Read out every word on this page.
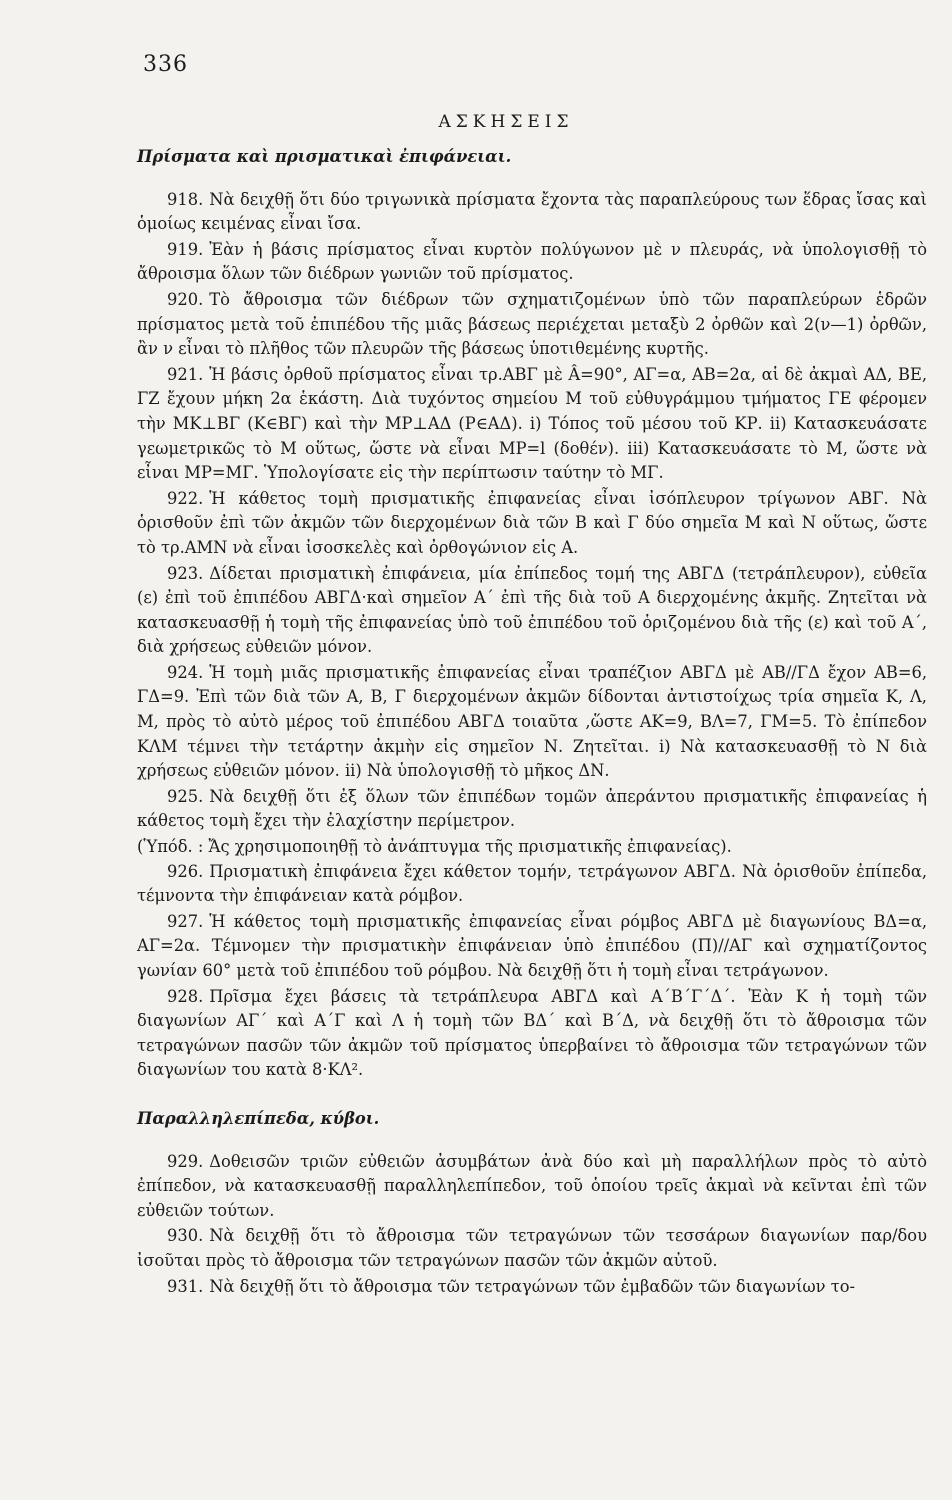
336
ΑΣΚΗΣΕΙΣ
Πρίσματα καὶ πρισματικαὶ ἐπιφάνειαι.

918. Νὰ δειχθῇ ὅτι δύο τριγωνικὰ πρίσματα ἔχοντα τὰς παραπλεύρους των ἕδρας ἴσας καὶ ὁμοίως κειμένας εἶναι ἴσα.

919. Ἐὰν ἡ βάσις πρίσματος εἶναι κυρτὸν πολύγωνον μὲ ν πλευράς, νὰ ὑπολογισθῇ τὸ ἄθροισμα ὅλων τῶν διέδρων γωνιῶν τοῦ πρίσματος.

920. Τὸ ἄθροισμα τῶν διέδρων τῶν σχηματιζομένων ὑπὸ τῶν παραπλεύρων ἑδρῶν πρίσματος μετὰ τοῦ ἐπιπέδου τῆς μιᾶς βάσεως περιέχεται μεταξὺ 2 ὀρθῶν καὶ 2(ν—1) ὀρθῶν, ἂν ν εἶναι τὸ πλῆθος τῶν πλευρῶν τῆς βάσεως ὑποτιθεμένης κυρτῆς.

921. Ἡ βάσις ὀρθοῦ πρίσματος εἶναι τρ.ΑΒΓ μὲ Â=90°, ΑΓ=α, ΑΒ=2α, αἱ δὲ ἀκμαὶ ΑΔ, ΒΕ, ΓΖ ἔχουν μήκη 2α ἑκάστη. Διὰ τυχόντος σημείου Μ τοῦ εὐθυγράμμου τμήματος ΓΕ φέρομεν τὴν ΜΚ⊥ΒΓ (Κ∈ΒΓ) καὶ τὴν ΜΡ⊥ΑΔ (Ρ∈ΑΔ). i) Τόπος τοῦ μέσου τοῦ ΚΡ. ii) Κατασκευάσατε γεωμετρικῶς τὸ Μ οὕτως, ὥστε νὰ εἶναι ΜΡ=l (δοθέν). iii) Κατασκευάσατε τὸ Μ, ὥστε νὰ εἶναι ΜΡ=ΜΓ. Ὑπολογίσατε εἰς τὴν περίπτωσιν ταύτην τὸ ΜΓ.

922. Ἡ κάθετος τομὴ πρισματικῆς ἐπιφανείας εἶναι ἰσόπλευρον τρίγωνον ΑΒΓ. Νὰ ὁρισθοῦν ἐπὶ τῶν ἀκμῶν τῶν διερχομένων διὰ τῶν Β καὶ Γ δύο σημεῖα Μ καὶ Ν οὕτως, ὥστε τὸ τρ.ΑΜΝ νὰ εἶναι ἰσοσκελὲς καὶ ὀρθογώνιον εἰς Α.

923. Δίδεται πρισματικὴ ἐπιφάνεια, μία ἐπίπεδος τομή της ΑΒΓΔ (τετράπλευρον), εὐθεῖα (ε) ἐπὶ τοῦ ἐπιπέδου ΑΒΓΔ·καὶ σημεῖον Α΄ ἐπὶ τῆς διὰ τοῦ Α διερχομένης ἀκμῆς. Ζητεῖται νὰ κατασκευασθῇ ἡ τομὴ τῆς ἐπιφανείας ὑπὸ τοῦ ἐπιπέδου τοῦ ὁριζομένου διὰ τῆς (ε) καὶ τοῦ Α΄, διὰ χρήσεως εὐθειῶν μόνον.

924. Ἡ τομὴ μιᾶς πρισματικῆς ἐπιφανείας εἶναι τραπέζιον ΑΒΓΔ μὲ ΑΒ//ΓΔ ἔχον ΑΒ=6, ΓΔ=9. Ἐπὶ τῶν διὰ τῶν Α, Β, Γ διερχομένων ἀκμῶν δίδονται ἀντιστοίχως τρία σημεῖα Κ, Λ, Μ, πρὸς τὸ αὐτὸ μέρος τοῦ ἐπιπέδου ΑΒΓΔ τοιαῦτα ,ὥστε ΑΚ=9, ΒΛ=7, ΓΜ=5. Τὸ ἐπίπεδον ΚΛΜ τέμνει τὴν τετάρτην ἀκμὴν εἰς σημεῖον Ν. Ζητεῖται. i) Νὰ κατασκευασθῇ τὸ Ν διὰ χρήσεως εὐθειῶν μόνον. ii) Νὰ ὑπολογισθῇ τὸ μῆκος ΔΝ.

925. Νὰ δειχθῇ ὅτι ἐξ ὅλων τῶν ἐπιπέδων τομῶν ἀπεράντου πρισματικῆς ἐπιφανείας ἡ κάθετος τομὴ ἔχει τὴν ἐλαχίστην περίμετρον.

(Ὑπόδ. : Ἄς χρησιμοποιηθῇ τὸ ἀνάπτυγμα τῆς πρισματικῆς ἐπιφανείας).

926. Πρισματικὴ ἐπιφάνεια ἔχει κάθετον τομήν, τετράγωνον ΑΒΓΔ. Νὰ ὁρισθοῦν ἐπίπεδα, τέμνοντα τὴν ἐπιφάνειαν κατὰ ρόμβον.

927. Ἡ κάθετος τομὴ πρισματικῆς ἐπιφανείας εἶναι ρόμβος ΑΒΓΔ μὲ διαγωνίους ΒΔ=α, ΑΓ=2α. Τέμνομεν τὴν πρισματικὴν ἐπιφάνειαν ὑπὸ ἐπιπέδου (Π)//ΑΓ καὶ σχηματίζοντος γωνίαν 60° μετὰ τοῦ ἐπιπέδου τοῦ ρόμβου. Νὰ δειχθῇ ὅτι ἡ τομὴ εἶναι τετράγωνον.

928. Πρῖσμα ἔχει βάσεις τὰ τετράπλευρα ΑΒΓΔ καὶ Α΄Β΄Γ΄Δ΄. Ἐὰν Κ ἡ τομὴ τῶν διαγωνίων ΑΓ΄ καὶ Α΄Γ καὶ Λ ἡ τομὴ τῶν ΒΔ΄ καὶ Β΄Δ, νὰ δειχθῇ ὅτι τὸ ἄθροισμα τῶν τετραγώνων πασῶν τῶν ἀκμῶν τοῦ πρίσματος ὑπερβαίνει τὸ ἄθροισμα τῶν τετραγώνων τῶν διαγωνίων του κατὰ 8·ΚΛ².

Παραλληλεπίπεδα, κύβοι.

929. Δοθεισῶν τριῶν εὐθειῶν ἀσυμβάτων ἀνὰ δύο καὶ μὴ παραλλήλων πρὸς τὸ αὐτὸ ἐπίπεδον, νὰ κατασκευασθῇ παραλληλεπίπεδον, τοῦ ὁποίου τρεῖς ἀκμαὶ νὰ κεῖνται ἐπὶ τῶν εὐθειῶν τούτων.

930. Νὰ δειχθῇ ὅτι τὸ ἄθροισμα τῶν τετραγώνων τῶν τεσσάρων διαγωνίων παρ/δου ἰσοῦται πρὸς τὸ ἄθροισμα τῶν τετραγώνων πασῶν τῶν ἀκμῶν αὐτοῦ.

931. Νὰ δειχθῇ ὅτι τὸ ἄθροισμα τῶν τετραγώνων τῶν ἐμβαδῶν τῶν διαγωνίων το-
